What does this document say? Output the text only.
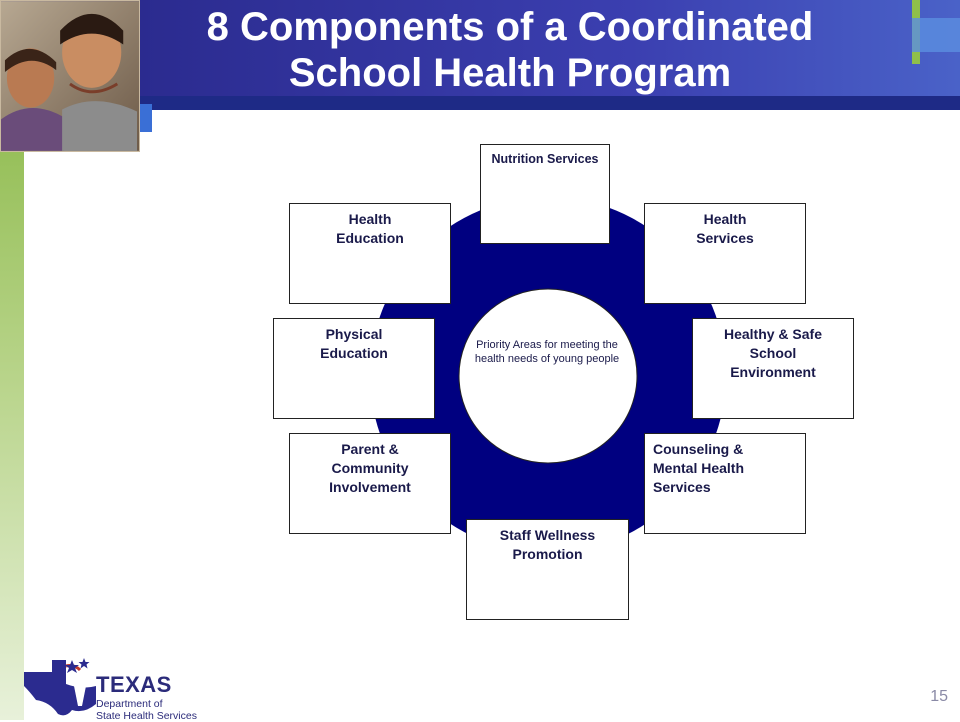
8 Components of a Coordinated
School Health Program
Priority Areas for meeting the health needs of young people
Nutrition Services
Health Services
Healthy & Safe School Environment
Counseling & Mental Health Services
Staff Wellness Promotion
Parent & Community Involvement
Physical Education
Health Education
TEXAS
Department of
State Health Services
15
